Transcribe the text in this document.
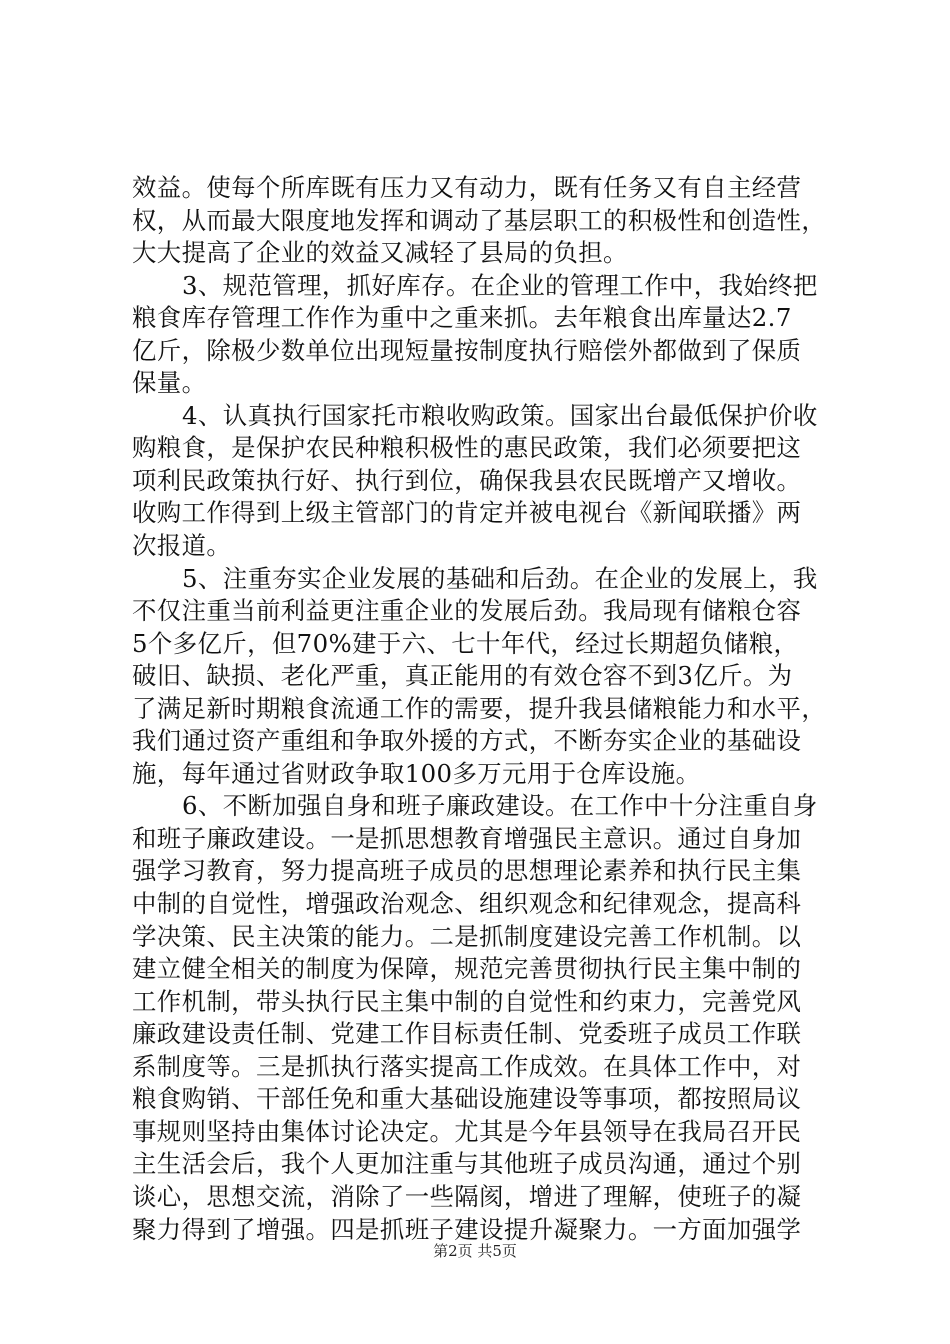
效益。使每个所库既有压力又有动力，既有任务又有自主经营
权，从而最大限度地发挥和调动了基层职工的积极性和创造性，
大大提高了企业的效益又减轻了县局的负担。
3、规范管理，抓好库存。在企业的管理工作中，我始终把
粮食库存管理工作作为重中之重来抓。去年粮食出库量达2.7
亿斤，除极少数单位出现短量按制度执行赔偿外都做到了保质
保量。
4、认真执行国家托市粮收购政策。国家出台最低保护价收
购粮食，是保护农民种粮积极性的惠民政策，我们必须要把这
项利民政策执行好、执行到位，确保我县农民既增产又增收。
收购工作得到上级主管部门的肯定并被电视台《新闻联播》两
次报道。
5、注重夯实企业发展的基础和后劲。在企业的发展上，我
不仅注重当前利益更注重企业的发展后劲。我局现有储粮仓容
5个多亿斤，但70%建于六、七十年代，经过长期超负储粮，
破旧、缺损、老化严重，真正能用的有效仓容不到3亿斤。为
了满足新时期粮食流通工作的需要，提升我县储粮能力和水平，
我们通过资产重组和争取外援的方式，不断夯实企业的基础设
施，每年通过省财政争取100多万元用于仓库设施。
6、不断加强自身和班子廉政建设。在工作中十分注重自身
和班子廉政建设。一是抓思想教育增强民主意识。通过自身加
强学习教育，努力提高班子成员的思想理论素养和执行民主集
中制的自觉性，增强政治观念、组织观念和纪律观念，提高科
学决策、民主决策的能力。二是抓制度建设完善工作机制。以
建立健全相关的制度为保障，规范完善贯彻执行民主集中制的
工作机制，带头执行民主集中制的自觉性和约束力，完善党风
廉政建设责任制、党建工作目标责任制、党委班子成员工作联
系制度等。三是抓执行落实提高工作成效。在具体工作中，对
粮食购销、干部任免和重大基础设施建设等事项，都按照局议
事规则坚持由集体讨论决定。尤其是今年县领导在我局召开民
主生活会后，我个人更加注重与其他班子成员沟通，通过个别
谈心，思想交流，消除了一些隔阂，增进了理解，使班子的凝
聚力得到了增强。四是抓班子建设提升凝聚力。一方面加强学
第2页 共5页
